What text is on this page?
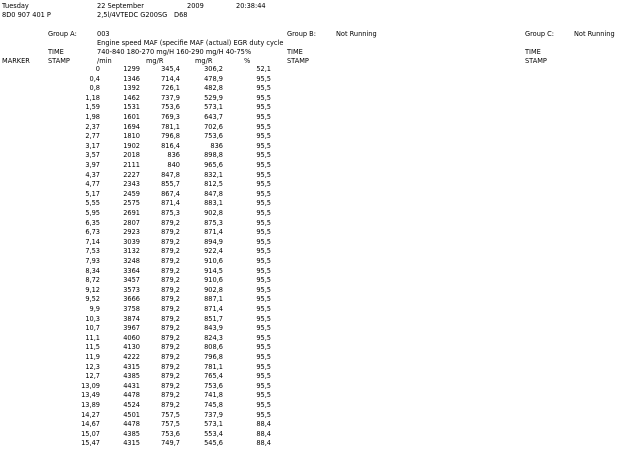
Tuesday	22 September	2009	20:38:44
8D0 907 401 P	2,5l/4VTEDC G200SG D68
Group A:	003	Group B:	Not Running	Group C:	Not Running
Engine speed MAF (specifie MAF (actual) EGR duty cycle
TIME	740-840 180-270 mg/H 160-290 mg/H 40-75%	TIME	TIME
MARKER	STAMP	/min	mg/R	mg/R	%	STAMP	STAMP
0	1299	345,4	306,2	52,1
0,4	1346	714,4	478,9	95,5
0,8	1392	726,1	482,8	95,5
1,18	1462	737,9	529,9	95,5
1,59	1531	753,6	573,1	95,5
1,98	1601	769,3	643,7	95,5
2,37	1694	781,1	702,6	95,5
2,77	1810	796,8	753,6	95,5
3,17	1902	816,4	836	95,5
3,57	2018	836	898,8	95,5
3,97	2111	840	965,6	95,5
4,37	2227	847,8	832,1	95,5
4,77	2343	855,7	812,5	95,5
5,17	2459	867,4	847,8	95,5
5,55	2575	871,4	883,1	95,5
5,95	2691	875,3	902,8	95,5
6,35	2807	879,2	875,3	95,5
6,73	2923	879,2	871,4	95,5
7,14	3039	879,2	894,9	95,5
7,53	3132	879,2	922,4	95,5
7,93	3248	879,2	910,6	95,5
8,34	3364	879,2	914,5	95,5
8,72	3457	879,2	910,6	95,5
9,12	3573	879,2	902,8	95,5
9,52	3666	879,2	887,1	95,5
9,9	3758	879,2	871,4	95,5
10,3	3874	879,2	851,7	95,5
10,7	3967	879,2	843,9	95,5
11,1	4060	879,2	824,3	95,5
11,5	4130	879,2	808,6	95,5
11,9	4222	879,2	796,8	95,5
12,3	4315	879,2	781,1	95,5
12,7	4385	879,2	765,4	95,5
13,09	4431	879,2	753,6	95,5
13,49	4478	879,2	741,8	95,5
13,89	4524	879,2	745,8	95,5
14,27	4501	757,5	737,9	95,5
14,67	4478	757,5	573,1	88,4
15,07	4385	753,6	553,4	88,4
15,47	4315	749,7	545,6	88,4
